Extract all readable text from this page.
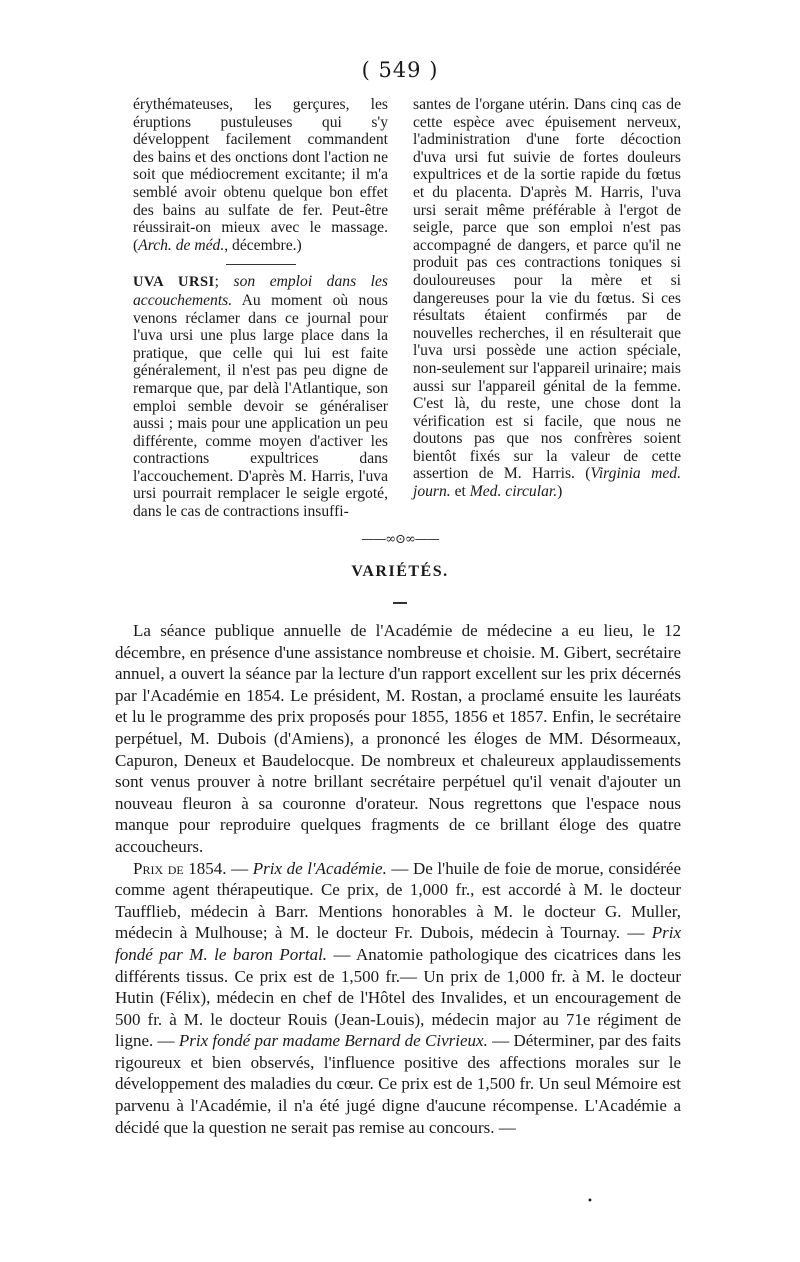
( 549 )

érythémateuses, les gerçures, les éruptions pustuleuses qui s'y développent facilement commandent des bains et des onctions dont l'action ne soit que médiocrement excitante; il m'a semblé avoir obtenu quelque bon effet des bains au sulfate de fer. Peut-être réussirait-on mieux avec le massage. (Arch. de méd., décembre.)

UVA URSI; son emploi dans les accouchements. Au moment où nous venons réclamer dans ce journal pour l'uva ursi une plus large place dans la pratique, que celle qui lui est faite généralement, il n'est pas peu digne de remarque que, par delà l'Atlantique, son emploi semble devoir se généraliser aussi ; mais pour une application un peu différente, comme moyen d'activer les contractions expultrices dans l'accouchement. D'après M. Harris, l'uva ursi pourrait remplacer le seigle ergoté, dans le cas de contractions insuffi-

santes de l'organe utérin. Dans cinq cas de cette espèce avec épuisement nerveux, l'administration d'une forte décoction d'uva ursi fut suivie de fortes douleurs expultrices et de la sortie rapide du fœtus et du placenta. D'après M. Harris, l'uva ursi serait même préférable à l'ergot de seigle, parce que son emploi n'est pas accompagné de dangers, et parce qu'il ne produit pas ces contractions toniques si douloureuses pour la mère et si dangereuses pour la vie du fœtus. Si ces résultats étaient confirmés par de nouvelles recherches, il en résulterait que l'uva ursi possède une action spéciale, non-seulement sur l'appareil urinaire; mais aussi sur l'appareil génital de la femme. C'est là, du reste, une chose dont la vérification est si facile, que nous ne doutons pas que nos confrères soient bientôt fixés sur la valeur de cette assertion de M. Harris. (Virginia med. journ. et Med. circular.)

——∞⊙∞——
VARIÉTÉS.

La séance publique annuelle de l'Académie de médecine a eu lieu, le 12 décembre, en présence d'une assistance nombreuse et choisie. M. Gibert, secrétaire annuel, a ouvert la séance par la lecture d'un rapport excellent sur les prix décernés par l'Académie en 1854. Le président, M. Rostan, a proclamé ensuite les lauréats et lu le programme des prix proposés pour 1855, 1856 et 1857. Enfin, le secrétaire perpétuel, M. Dubois (d'Amiens), a prononcé les éloges de MM. Désormeaux, Capuron, Deneux et Baudelocque. De nombreux et chaleureux applaudissements sont venus prouver à notre brillant secrétaire perpétuel qu'il venait d'ajouter un nouveau fleuron à sa couronne d'orateur. Nous regrettons que l'espace nous manque pour reproduire quelques fragments de ce brillant éloge des quatre accoucheurs.

Prix de 1854. — Prix de l'Académie. — De l'huile de foie de morue, considérée comme agent thérapeutique. Ce prix, de 1,000 fr., est accordé à M. le docteur Taufflieb, médecin à Barr. Mentions honorables à M. le docteur G. Muller, médecin à Mulhouse; à M. le docteur Fr. Dubois, médecin à Tournay. — Prix fondé par M. le baron Portal. — Anatomie pathologique des cicatrices dans les différents tissus. Ce prix est de 1,500 fr.— Un prix de 1,000 fr. à M. le docteur Hutin (Félix), médecin en chef de l'Hôtel des Invalides, et un encouragement de 500 fr. à M. le docteur Rouis (Jean-Louis), médecin major au 71e régiment de ligne. — Prix fondé par madame Bernard de Civrieux. — Déterminer, par des faits rigoureux et bien observés, l'influence positive des affections morales sur le développement des maladies du cœur. Ce prix est de 1,500 fr. Un seul Mémoire est parvenu à l'Académie, il n'a été jugé digne d'aucune récompense. L'Académie a décidé que la question ne serait pas remise au concours. —

•
